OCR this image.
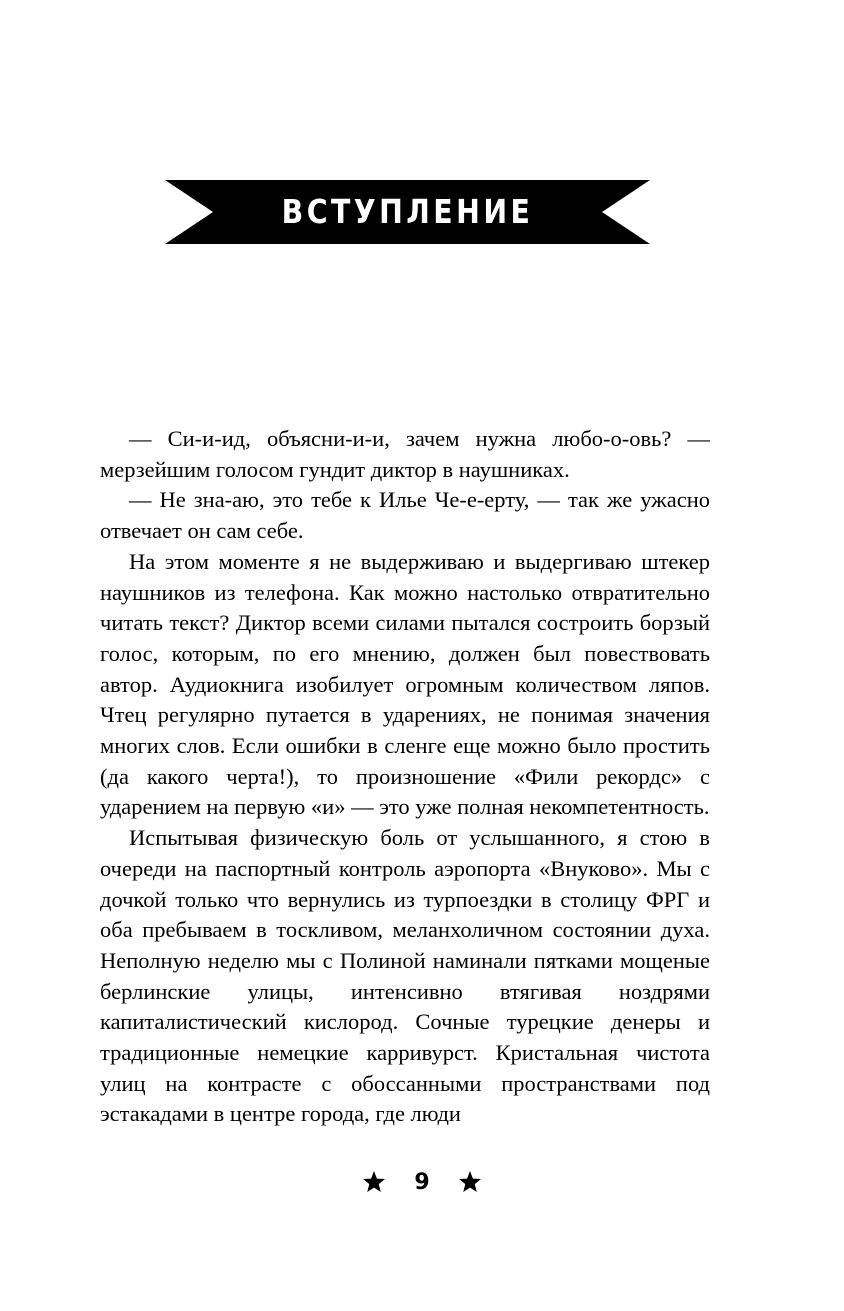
ВСТУПЛЕНИЕ

— Си-и-ид, объясни-и-и, зачем нужна любо-о-овь? — мерзейшим голосом гундит диктор в наушниках.

— Не зна-аю, это тебе к Илье Че-е-ерту, — так же ужасно отвечает он сам себе.

На этом моменте я не выдерживаю и выдергиваю штекер наушников из телефона. Как можно настолько отвратительно читать текст? Диктор всеми силами пытался состроить борзый голос, которым, по его мнению, должен был повествовать автор. Аудиокнига изобилует огромным количеством ляпов. Чтец регулярно путается в ударениях, не понимая значения многих слов. Если ошибки в сленге еще можно было простить (да какого черта!), то произношение «Фили рекордс» с ударением на первую «и» — это уже полная некомпетентность.

Испытывая физическую боль от услышанного, я стою в очереди на паспортный контроль аэропорта «Внуково». Мы с дочкой только что вернулись из турпоездки в столицу ФРГ и оба пребываем в тоскливом, меланхоличном состоянии духа. Неполную неделю мы с Полиной наминали пятками мощеные берлинские улицы, интенсивно втягивая ноздрями капиталистический кислород. Сочные турецкие денеры и традиционные немецкие карривурст. Кристальная чистота улиц на контрасте с обоссанными пространствами под эстакадами в центре города, где люди

9
